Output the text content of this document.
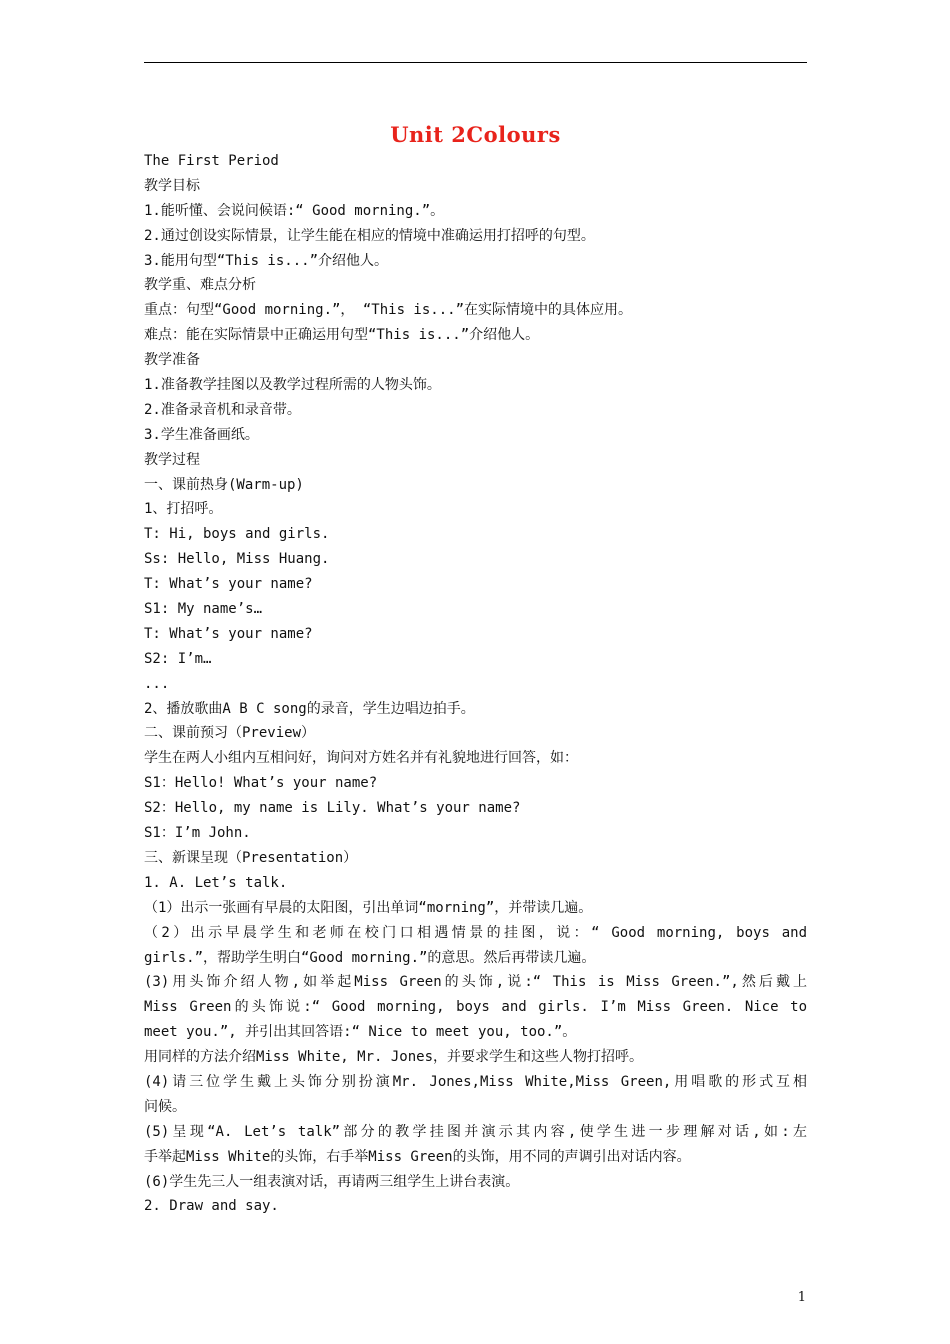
Unit 2Colours
The First Period
教学目标
1.能听懂、会说问候语:“ Good morning.”。
2.通过创设实际情景，让学生能在相应的情境中准确运用打招呼的句型。
3.能用句型“This is...”介绍他人。
教学重、难点分析
重点：句型“Good morning.”， “This is...”在实际情境中的具体应用。
难点：能在实际情景中正确运用句型“This is...”介绍他人。
教学准备
1.准备教学挂图以及教学过程所需的人物头饰。
2.准备录音机和录音带。
3.学生准备画纸。
教学过程
一、课前热身(Warm-up)
1、打招呼。
T: Hi, boys and girls.
Ss: Hello, Miss Huang.
T: What’s your name?
S1: My name’s…
T: What’s your name?
S2: I’m…
...
2、播放歌曲A B C song的录音，学生边唱边拍手。
二、课前预习（Preview）
学生在两人小组内互相问好，询问对方姓名并有礼貌地进行回答，如：
S1：Hello! What’s your name?
S2：Hello, my name is Lily. What’s your name?
S1：I’m John.
三、新课呈现（Presentation）
1. A. Let’s talk.
（1）出示一张画有早晨的太阳图，引出单词“morning”，并带读几遍。
（2）出示早晨学生和老师在校门口相遇情景的挂图，说：“ Good morning, boys and
girls.”，帮助学生明白“Good morning.”的意思。然后再带读几遍。
(3)用头饰介绍人物,如举起Miss Green的头饰,说:“ This is Miss Green.”,然后戴上
Miss Green的头饰说:“ Good morning, boys and girls. I’m Miss Green. Nice to
meet you.”, 并引出其回答语:“ Nice to meet you, too.”。
用同样的方法介绍Miss White, Mr. Jones，并要求学生和这些人物打招呼。
(4)请三位学生戴上头饰分别扮演Mr. Jones,Miss White,Miss Green,用唱歌的形式互相
问候。
(5)呈现“A. Let’s talk”部分的教学挂图并演示其内容,使学生进一步理解对话,如:左
手举起Miss White的头饰，右手举Miss Green的头饰，用不同的声调引出对话内容。
(6)学生先三人一组表演对话，再请两三组学生上讲台表演。
2. Draw and say.
1
